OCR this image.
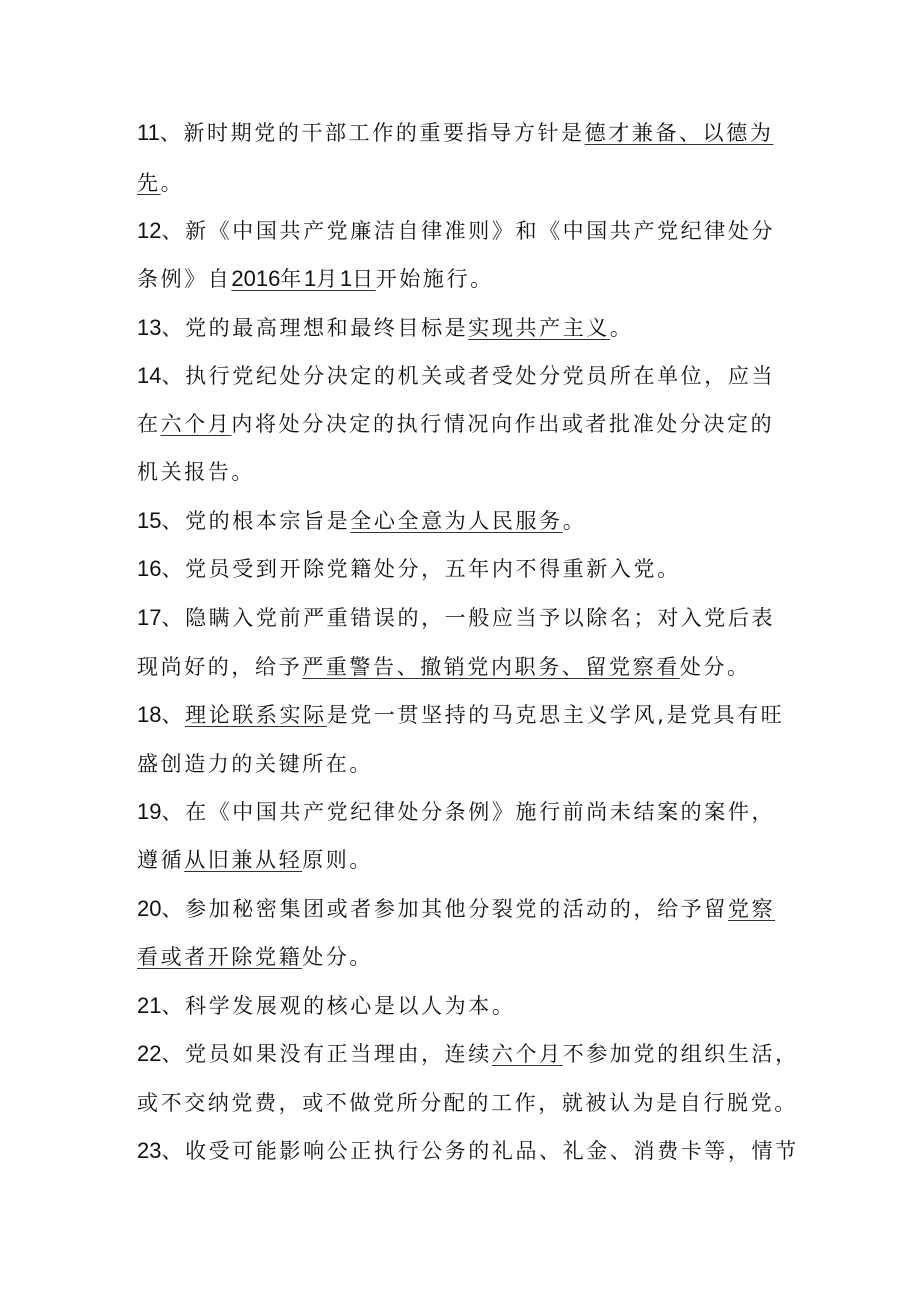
11、新时期党的干部工作的重要指导方针是德才兼备、以德为
先。
12、新《中国共产党廉洁自律准则》和《中国共产党纪律处分
条例》自2016年1月1日开始施行。
13、党的最高理想和最终目标是实现共产主义。
14、执行党纪处分决定的机关或者受处分党员所在单位，应当
在六个月内将处分决定的执行情况向作出或者批准处分决定的
机关报告。
15、党的根本宗旨是全心全意为人民服务。
16、党员受到开除党籍处分，五年内不得重新入党。
17、隐瞒入党前严重错误的，一般应当予以除名；对入党后表
现尚好的，给予严重警告、撤销党内职务、留党察看处分。
18、理论联系实际是党一贯坚持的马克思主义学风,是党具有旺
盛创造力的关键所在。
19、在《中国共产党纪律处分条例》施行前尚未结案的案件，
遵循从旧兼从轻原则。
20、参加秘密集团或者参加其他分裂党的活动的，给予留党察
看或者开除党籍处分。
21、科学发展观的核心是以人为本。
22、党员如果没有正当理由，连续六个月不参加党的组织生活，
或不交纳党费，或不做党所分配的工作，就被认为是自行脱党。
23、收受可能影响公正执行公务的礼品、礼金、消费卡等，情节
